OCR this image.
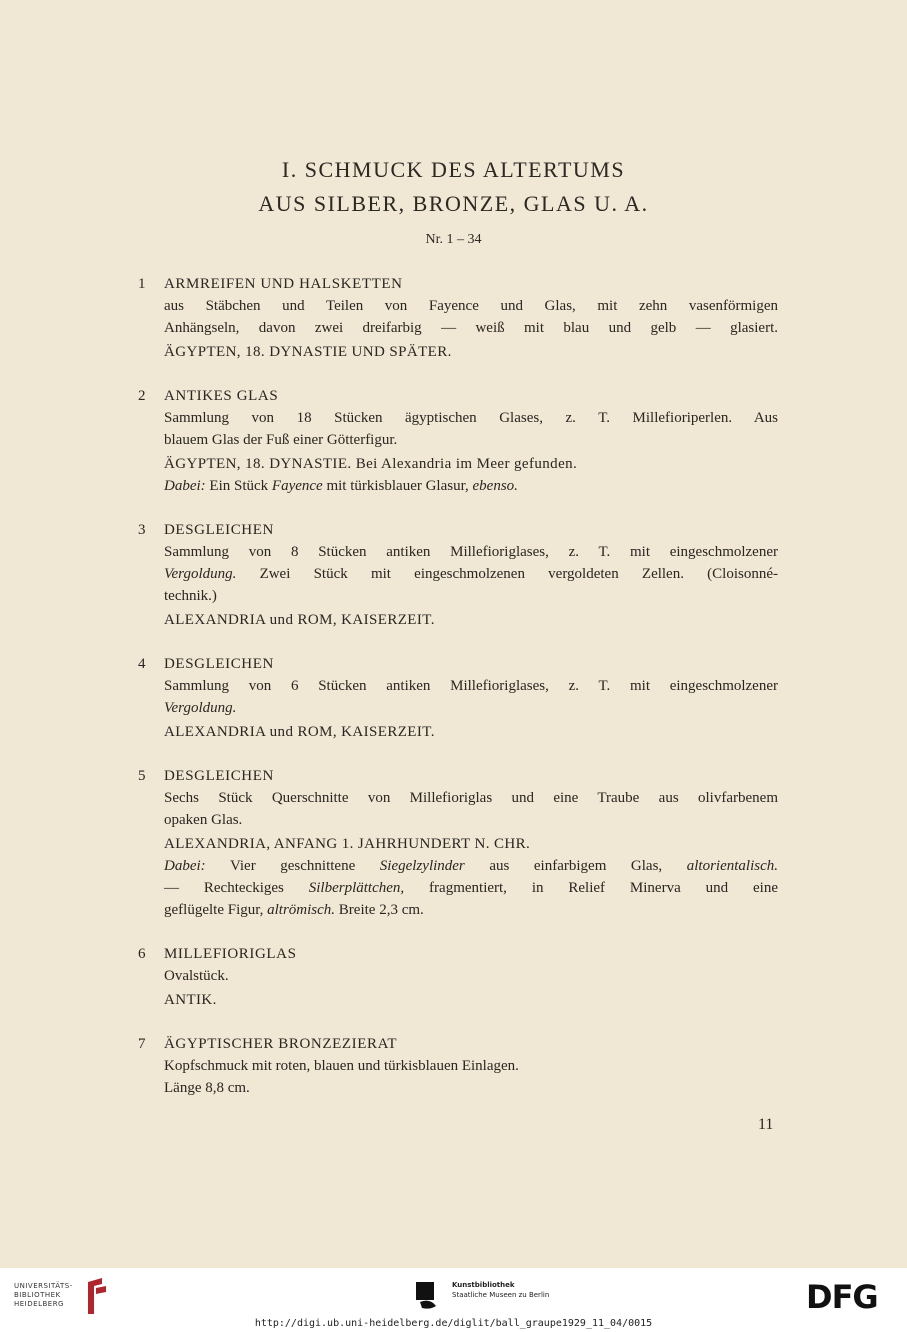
I. SCHMUCK DES ALTERTUMS
AUS SILBER, BRONZE, GLAS U. A.
Nr. 1 – 34
1	ARMREIFEN UND HALSKETTEN
aus Stäbchen und Teilen von Fayence und Glas, mit zehn vasenförmigen
Anhängseln, davon zwei dreifarbig — weiß mit blau und gelb — glasiert.
ÄGYPTEN, 18. DYNASTIE UND SPÄTER.
2	ANTIKES GLAS
Sammlung von 18 Stücken ägyptischen Glases, z. T. Millefioriperlen. Aus
blauem Glas der Fuß einer Götterfigur.
ÄGYPTEN, 18. DYNASTIE. Bei Alexandria im Meer gefunden.
Dabei: Ein Stück Fayence mit türkisblauer Glasur, ebenso.
3	DESGLEICHEN
Sammlung von 8 Stücken antiken Millefioriglases, z. T. mit eingeschmolzener
Vergoldung. Zwei Stück mit eingeschmolzenen vergoldeten Zellen. (Cloisonné-
technik.)
ALEXANDRIA und ROM, KAISERZEIT.
4	DESGLEICHEN
Sammlung von 6 Stücken antiken Millefioriglases, z. T. mit eingeschmolzener
Vergoldung.
ALEXANDRIA und ROM, KAISERZEIT.
5	DESGLEICHEN
Sechs Stück Querschnitte von Millefioriglas und eine Traube aus olivfarbenem
opaken Glas.
ALEXANDRIA, ANFANG 1. JAHRHUNDERT N. CHR.
Dabei: Vier geschnittene Siegelzylinder aus einfarbigem Glas, altorientalisch.
— Rechteckiges Silberplättchen, fragmentiert, in Relief Minerva und eine
geflügelte Figur, altrömisch. Breite 2,3 cm.
6	MILLEFIORIGLAS
Ovalstück.
ANTIK.
7	ÄGYPTISCHER BRONZEZIERAT
Kopfschmuck mit roten, blauen und türkisblauen Einlagen.
Länge 8,8 cm.
11
UNIVERSITÄTS-
BIBLIOTHEK
HEIDELBERG
Kunstbibliothek
Staatliche Museen zu Berlin	DFG
http://digi.ub.uni-heidelberg.de/diglit/ball_graupe1929_11_04/0015
